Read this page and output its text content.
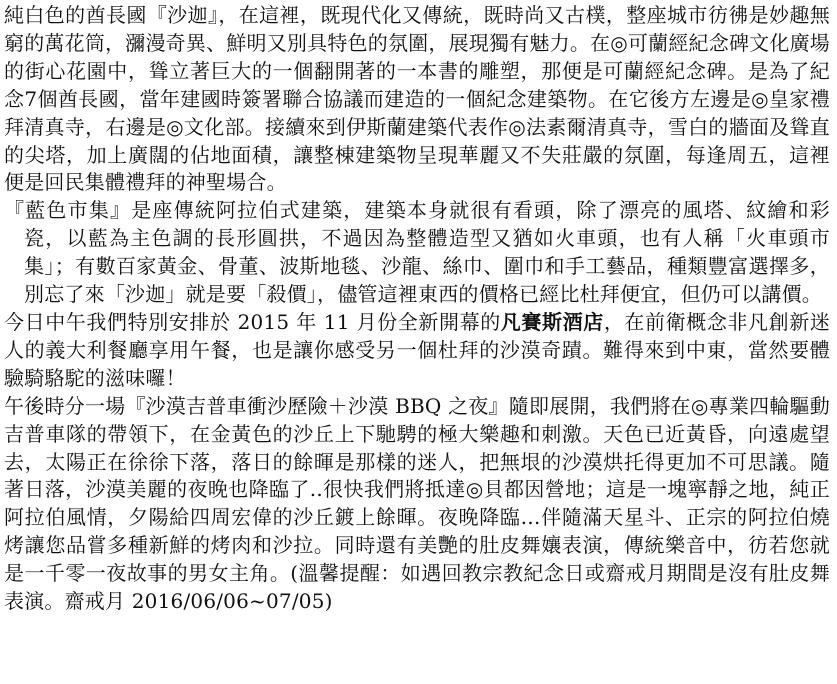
純白色的酋長國『沙迦』，在這裡，既現代化又傳統，既時尚又古樸，整座城市彷彿是妙趣無窮的萬花筒，瀰漫奇異、鮮明又別具特色的氛圍，展現獨有魅力。在◎可蘭經紀念碑文化廣場的街心花園中，聳立著巨大的一個翻開著的一本書的雕塑，那便是可蘭經紀念碑。是為了紀念7個酋長國，當年建國時簽署聯合協議而建造的一個紀念建築物。在它後方左邊是◎皇家禮拜清真寺，右邊是◎文化部。接續來到伊斯蘭建築代表作◎法素爾清真寺，雪白的牆面及聳直的尖塔，加上廣闊的佔地面積，讓整棟建築物呈現華麗又不失莊嚴的氛圍，每逢周五，這裡便是回民集體禮拜的神聖場合。

『藍色市集』是座傳統阿拉伯式建築，建築本身就很有看頭，除了漂亮的風塔、紋繪和彩瓷，以藍為主色調的長形圓拱，不過因為整體造型又猶如火車頭，也有人稱「火車頭市集」；有數百家黃金、骨董、波斯地毯、沙龍、絲巾、圍巾和手工藝品，種類豐富選擇多，別忘了來「沙迦」就是要「殺價」，儘管這裡東西的價格已經比杜拜便宜，但仍可以講價。

今日中午我們特別安排於 2015 年 11 月份全新開幕的凡賽斯酒店，在前衛概念非凡創新迷人的義大利餐廳享用午餐，也是讓你感受另一個杜拜的沙漠奇蹟。難得來到中東，當然要體驗騎駱駝的滋味囉！

午後時分一場『沙漠吉普車衝沙歷險＋沙漠 BBQ 之夜』隨即展開，我們將在◎專業四輪驅動吉普車隊的帶領下，在金黃色的沙丘上下馳騁的極大樂趣和刺激。天色已近黃昏，向遠處望去，太陽正在徐徐下落，落日的餘暉是那樣的迷人，把無垠的沙漠烘托得更加不可思議。隨著日落，沙漠美麗的夜晚也降臨了..很快我們將抵達◎貝都因營地；這是一塊寧靜之地，純正阿拉伯風情，夕陽給四周宏偉的沙丘鍍上餘暉。夜晚降臨…伴隨滿天星斗、正宗的阿拉伯燒烤讓您品嘗多種新鮮的烤肉和沙拉。同時還有美艷的肚皮舞孃表演，傳統樂音中，彷若您就是一千零一夜故事的男女主角。(溫馨提醒：如遇回教宗教紀念日或齋戒月期間是沒有肚皮舞表演。齋戒月 2016/06/06~07/05)
